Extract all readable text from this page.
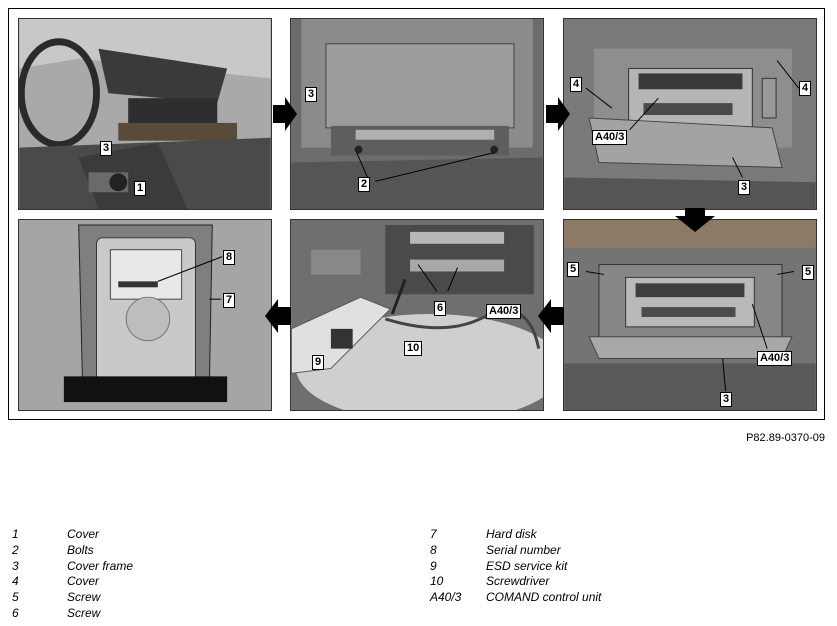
3
1
3
2
4	4
A40/3
3
8
7
6	A40/3
9
10
5	5
A40/3
3
P82.89-0370-09
1	Cover
2	Bolts
3	Cover frame
4	Cover
5	Screw
6	Screw
7	Hard disk
8	Serial number
9	ESD service kit
10	Screwdriver
A40/3 COMAND control unit
